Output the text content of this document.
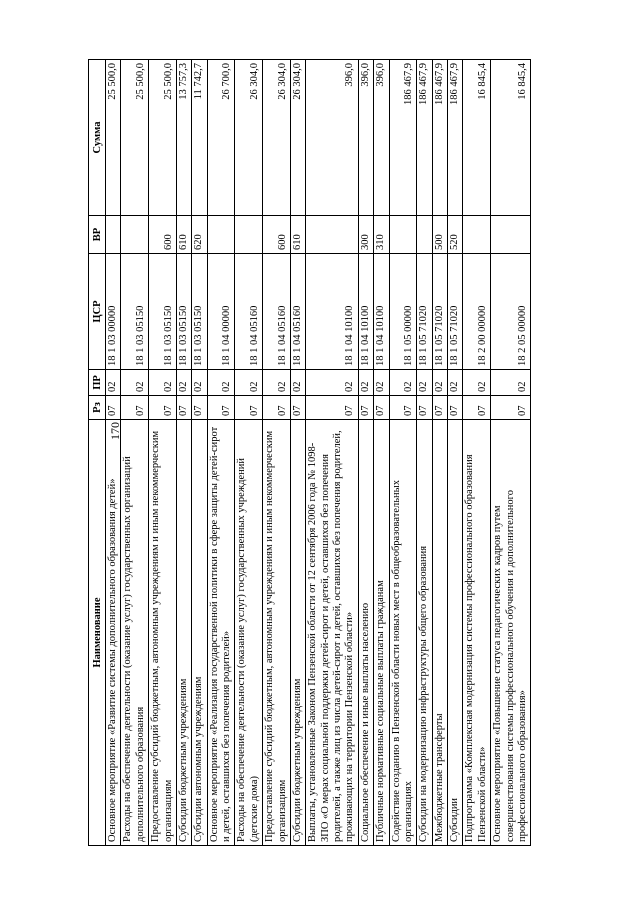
170
Наименование	Рз	ПР	ЦСР	ВР	Сумма
Основное мероприятие «Развитие системы дополнительного образования детей»	07	02	18 1 03 00000		25 500,0
Расходы на обеспечение деятельности (оказание услуг) государственных организаций дополнительного образования	07	02	18 1 03 05150		25 500,0
Предоставление субсидий бюджетным, автономным учреждениям и иным некоммерческим организациям	07	02	18 1 03 05150	600	25 500,0
Субсидии бюджетным учреждениям	07	02	18 1 03 05150	610	13 757,3
Субсидии автономным учреждениям	07	02	18 1 03 05150	620	11 742,7
Основное мероприятие «Реализация государственной политики в сфере защиты детей-сирот и детей, оставшихся без попечения родителей»	07	02	18 1 04 00000		26 700,0
Расходы на обеспечение деятельности (оказание услуг) государственных учреждений (детские дома)	07	02	18 1 04 05160		26 304,0
Предоставление субсидий бюджетным, автономным учреждениям и иным некоммерческим организациям	07	02	18 1 04 05160	600	26 304,0
Субсидии бюджетным учреждениям	07	02	18 1 04 05160	610	26 304,0
Выплаты, установленные Законом Пензенской области от 12 сентября 2006 года № 1098-ЗПО «О мерах социальной поддержки детей-сирот и детей, оставшихся без попечения родителей, а также лиц из числа детей-сирот и детей, оставшихся без попечения родителей, проживающих на территории Пензенской области»	07	02	18 1 04 10100		396,0
Социальное обеспечение и иные выплаты населению	07	02	18 1 04 10100	300	396,0
Публичные нормативные социальные выплаты гражданам	07	02	18 1 04 10100	310	396,0
Содействие созданию в Пензенской области новых мест в общеобразовательных организациях	07	02	18 1 05 00000		186 467,9
Субсидии на модернизацию инфраструктуры общего образования	07	02	18 1 05 71020		186 467,9
Межбюджетные трансферты	07	02	18 1 05 71020	500	186 467,9
Субсидии	07	02	18 1 05 71020	520	186 467,9
Подпрограмма «Комплексная модернизация системы профессионального образования Пензенской области»	07	02	18 2 00 00000		16 845,4
Основное мероприятие «Повышение статуса педагогических кадров путем совершенствования системы профессионального обучения и дополнительного профессионального образования»	07	02	18 2 05 00000		16 845,4
